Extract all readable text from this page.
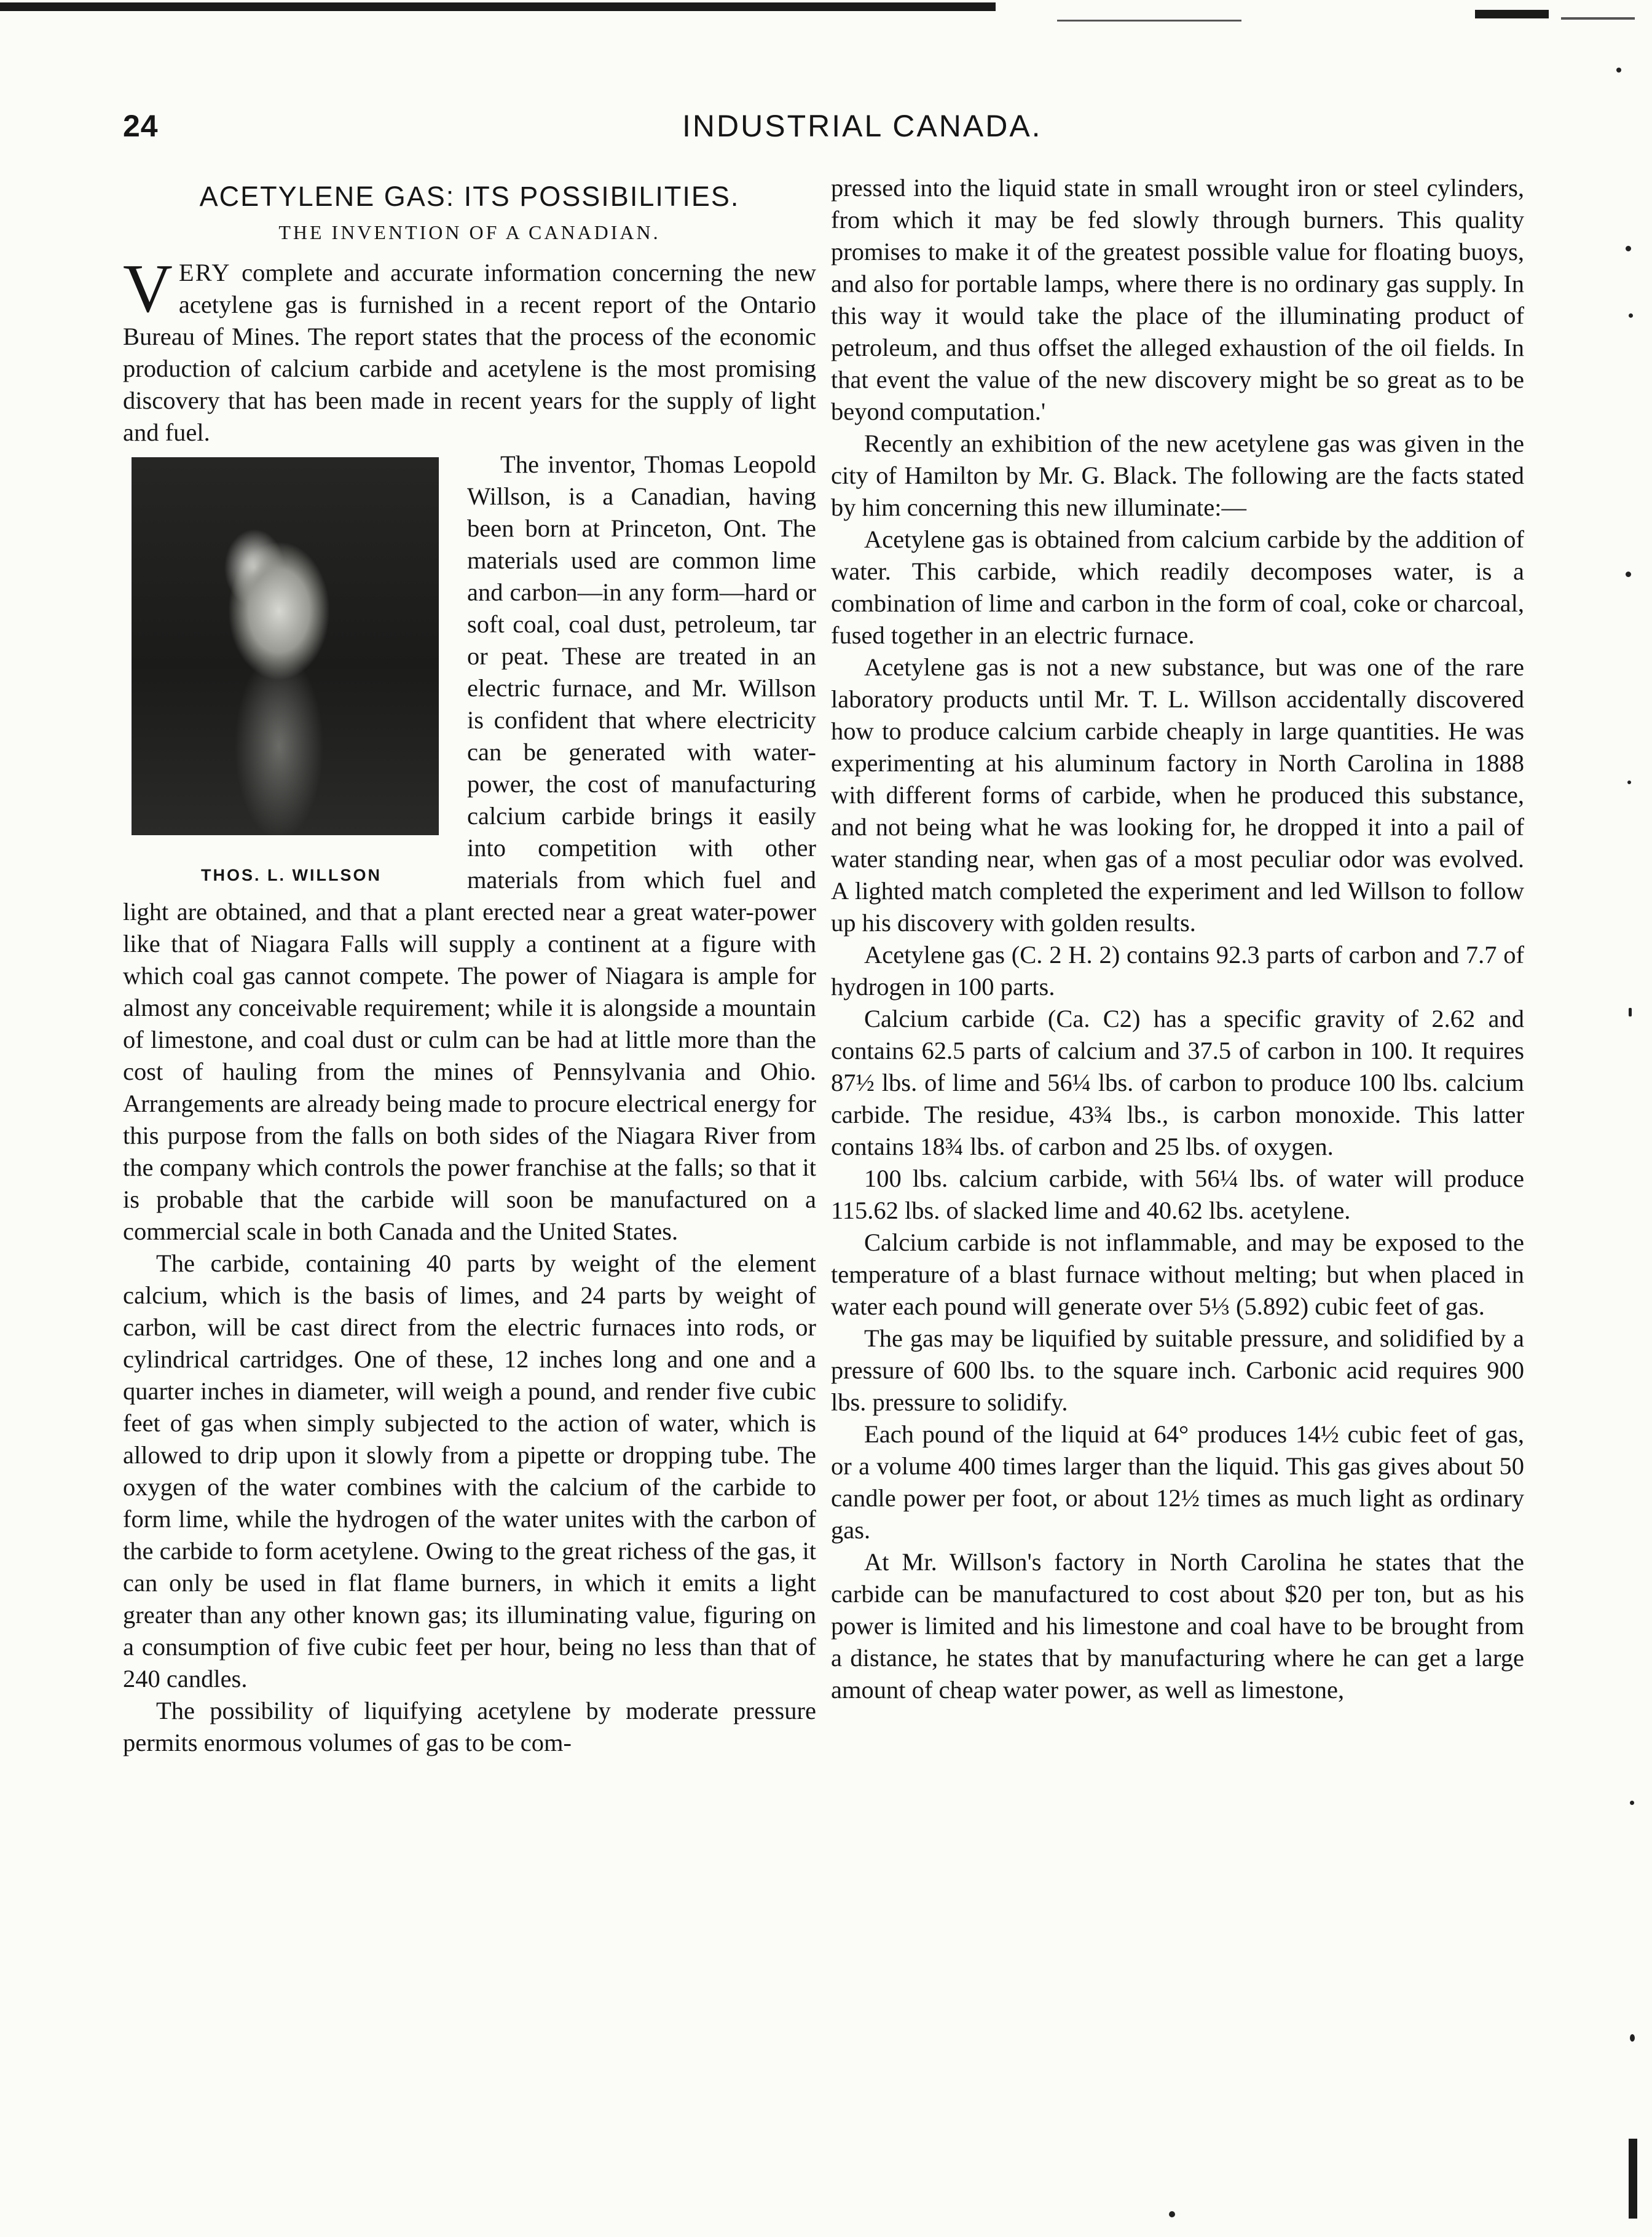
24	INDUSTRIAL CANADA.
ACETYLENE GAS: ITS POSSIBILITIES.
THE INVENTION OF A CANADIAN.

VERY complete and accurate information concerning the new acetylene gas is furnished in a recent report of the Ontario Bureau of Mines. The report states that the process of the economic production of calcium carbide and acetylene is the most promising discovery that has been made in recent years for the supply of light and fuel.

THOS. L. WILLSON

The inventor, Thomas Leopold Willson, is a Canadian, having been born at Princeton, Ont. The materials used are common lime and carbon—in any form—hard or soft coal, coal dust, petroleum, tar or peat. These are treated in an electric furnace, and Mr. Willson is confident that where electricity can be generated with water-power, the cost of manufacturing calcium carbide brings it easily into competition with other materials from which fuel and light are obtained, and that a plant erected near a great water-power like that of Niagara Falls will supply a continent at a figure with which coal gas cannot compete. The power of Niagara is ample for almost any conceivable requirement; while it is alongside a mountain of limestone, and coal dust or culm can be had at little more than the cost of hauling from the mines of Pennsylvania and Ohio. Arrangements are already being made to procure electrical energy for this purpose from the falls on both sides of the Niagara River from the company which controls the power franchise at the falls; so that it is probable that the carbide will soon be manufactured on a commercial scale in both Canada and the United States.

The carbide, containing 40 parts by weight of the element calcium, which is the basis of limes, and 24 parts by weight of carbon, will be cast direct from the electric furnaces into rods, or cylindrical cartridges. One of these, 12 inches long and one and a quarter inches in diameter, will weigh a pound, and render five cubic feet of gas when simply subjected to the action of water, which is allowed to drip upon it slowly from a pipette or dropping tube. The oxygen of the water combines with the calcium of the carbide to form lime, while the hydrogen of the water unites with the carbon of the carbide to form acetylene. Owing to the great richess of the gas, it can only be used in flat flame burners, in which it emits a light greater than any other known gas; its illuminating value, figuring on a consumption of five cubic feet per hour, being no less than that of 240 candles.

The possibility of liquifying acetylene by moderate pressure permits enormous volumes of gas to be com-

pressed into the liquid state in small wrought iron or steel cylinders, from which it may be fed slowly through burners. This quality promises to make it of the greatest possible value for floating buoys, and also for portable lamps, where there is no ordinary gas supply. In this way it would take the place of the illuminating product of petroleum, and thus offset the alleged exhaustion of the oil fields. In that event the value of the new discovery might be so great as to be beyond computation.'

Recently an exhibition of the new acetylene gas was given in the city of Hamilton by Mr. G. Black. The following are the facts stated by him concerning this new illuminate:—

Acetylene gas is obtained from calcium carbide by the addition of water. This carbide, which readily decomposes water, is a combination of lime and carbon in the form of coal, coke or charcoal, fused together in an electric furnace.

Acetylene gas is not a new substance, but was one of the rare laboratory products until Mr. T. L. Willson accidentally discovered how to produce calcium carbide cheaply in large quantities. He was experimenting at his aluminum factory in North Carolina in 1888 with different forms of carbide, when he produced this substance, and not being what he was looking for, he dropped it into a pail of water standing near, when gas of a most peculiar odor was evolved. A lighted match completed the experiment and led Willson to follow up his discovery with golden results.

Acetylene gas (C. 2 H. 2) contains 92.3 parts of carbon and 7.7 of hydrogen in 100 parts.

Calcium carbide (Ca. C2) has a specific gravity of 2.62 and contains 62.5 parts of calcium and 37.5 of carbon in 100. It requires 87½ lbs. of lime and 56¼ lbs. of carbon to produce 100 lbs. calcium carbide. The residue, 43¾ lbs., is carbon monoxide. This latter contains 18¾ lbs. of carbon and 25 lbs. of oxygen.

100 lbs. calcium carbide, with 56¼ lbs. of water will produce 115.62 lbs. of slacked lime and 40.62 lbs. acetylene.

Calcium carbide is not inflammable, and may be exposed to the temperature of a blast furnace without melting; but when placed in water each pound will generate over 5⅓ (5.892) cubic feet of gas.

The gas may be liquified by suitable pressure, and solidified by a pressure of 600 lbs. to the square inch. Carbonic acid requires 900 lbs. pressure to solidify.

Each pound of the liquid at 64° produces 14½ cubic feet of gas, or a volume 400 times larger than the liquid. This gas gives about 50 candle power per foot, or about 12½ times as much light as ordinary gas.

At Mr. Willson's factory in North Carolina he states that the carbide can be manufactured to cost about $20 per ton, but as his power is limited and his limestone and coal have to be brought from a distance, he states that by manufacturing where he can get a large amount of cheap water power, as well as limestone,
